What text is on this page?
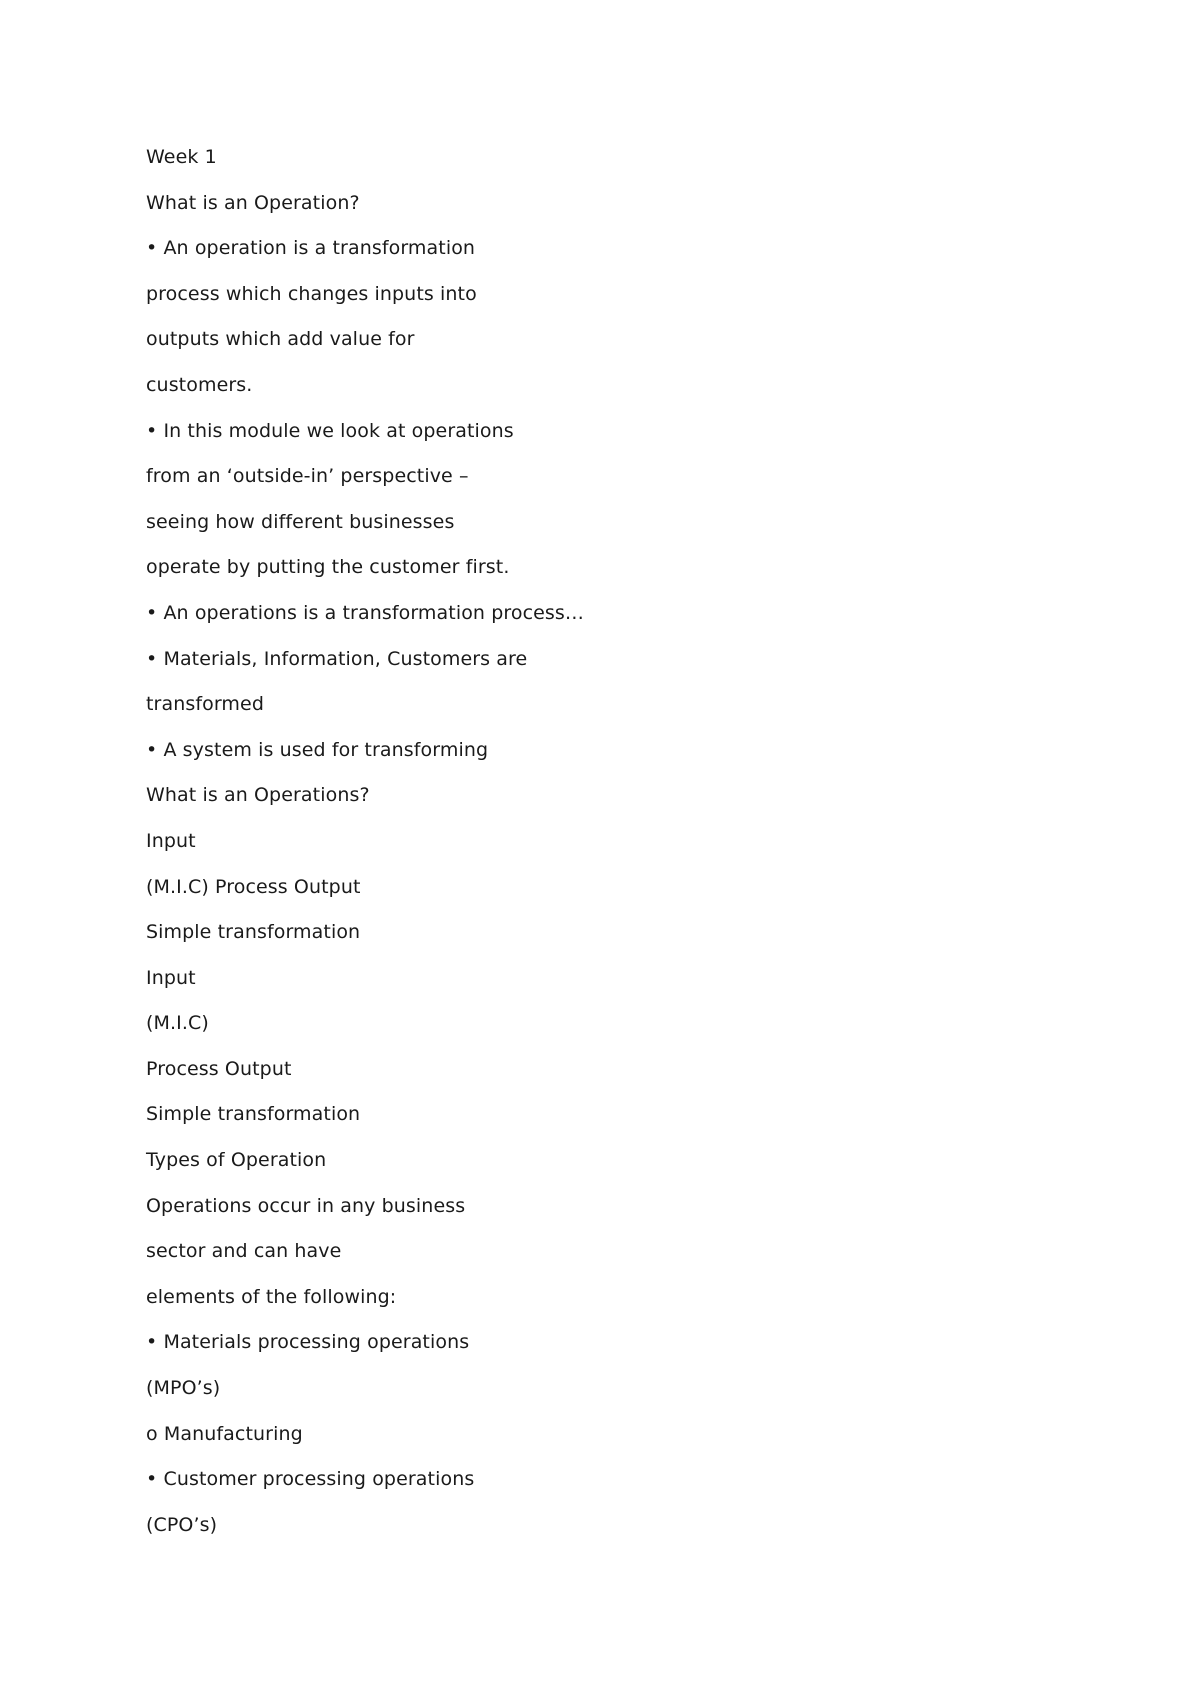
Week 1
What is an Operation?
• An operation is a transformation
process which changes inputs into
outputs which add value for
customers.
• In this module we look at operations
from an ‘outside-in’ perspective –
seeing how different businesses
operate by putting the customer first.
• An operations is a transformation process…
• Materials, Information, Customers are
transformed
• A system is used for transforming
What is an Operations?
Input
(M.I.C) Process Output
Simple transformation
Input
(M.I.C)
Process Output
Simple transformation
Types of Operation
Operations occur in any business
sector and can have
elements of the following:
• Materials processing operations
(MPO’s)
o Manufacturing
• Customer processing operations
(CPO’s)
